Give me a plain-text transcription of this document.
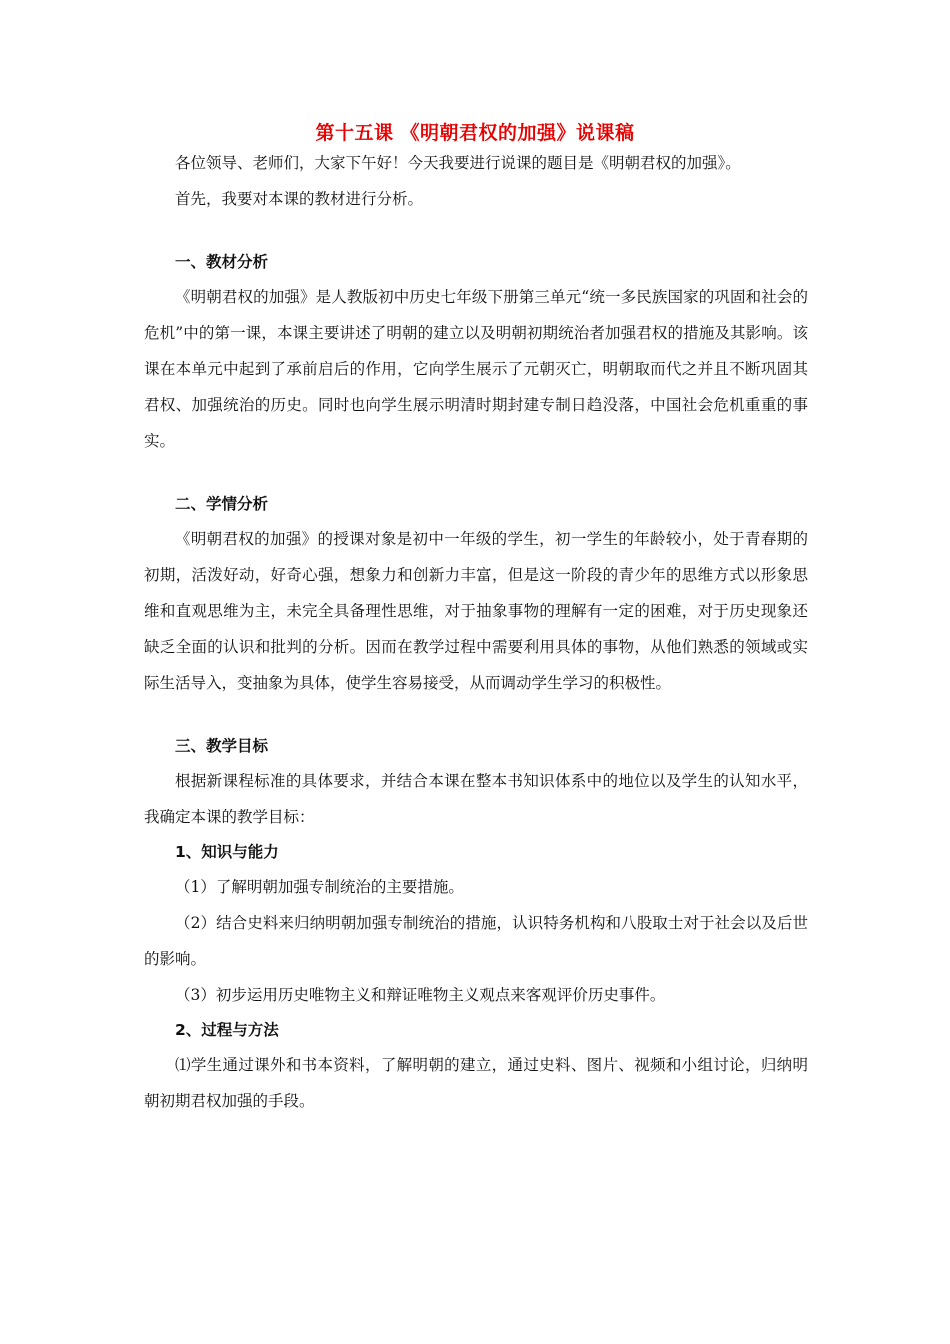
第十五课 《明朝君权的加强》说课稿

各位领导、老师们，大家下午好！今天我要进行说课的题目是《明朝君权的加强》。

首先，我要对本课的教材进行分析。

一、教材分析

《明朝君权的加强》是人教版初中历史七年级下册第三单元“统一多民族国家的巩固和社会的危机”中的第一课，本课主要讲述了明朝的建立以及明朝初期统治者加强君权的措施及其影响。该课在本单元中起到了承前启后的作用，它向学生展示了元朝灭亡，明朝取而代之并且不断巩固其君权、加强统治的历史。同时也向学生展示明清时期封建专制日趋没落，中国社会危机重重的事实。

二、学情分析

《明朝君权的加强》的授课对象是初中一年级的学生，初一学生的年龄较小，处于青春期的初期，活泼好动，好奇心强，想象力和创新力丰富，但是这一阶段的青少年的思维方式以形象思维和直观思维为主，未完全具备理性思维，对于抽象事物的理解有一定的困难，对于历史现象还缺乏全面的认识和批判的分析。因而在教学过程中需要利用具体的事物，从他们熟悉的领域或实际生活导入，变抽象为具体，使学生容易接受，从而调动学生学习的积极性。

三、教学目标

根据新课程标准的具体要求，并结合本课在整本书知识体系中的地位以及学生的认知水平，我确定本课的教学目标：

1、知识与能力

（1）了解明朝加强专制统治的主要措施。

（2）结合史料来归纳明朝加强专制统治的措施，认识特务机构和八股取士对于社会以及后世的影响。

（3）初步运用历史唯物主义和辩证唯物主义观点来客观评价历史事件。

2、过程与方法

⑴学生通过课外和书本资料，了解明朝的建立，通过史料、图片、视频和小组讨论，归纳明朝初期君权加强的手段。
